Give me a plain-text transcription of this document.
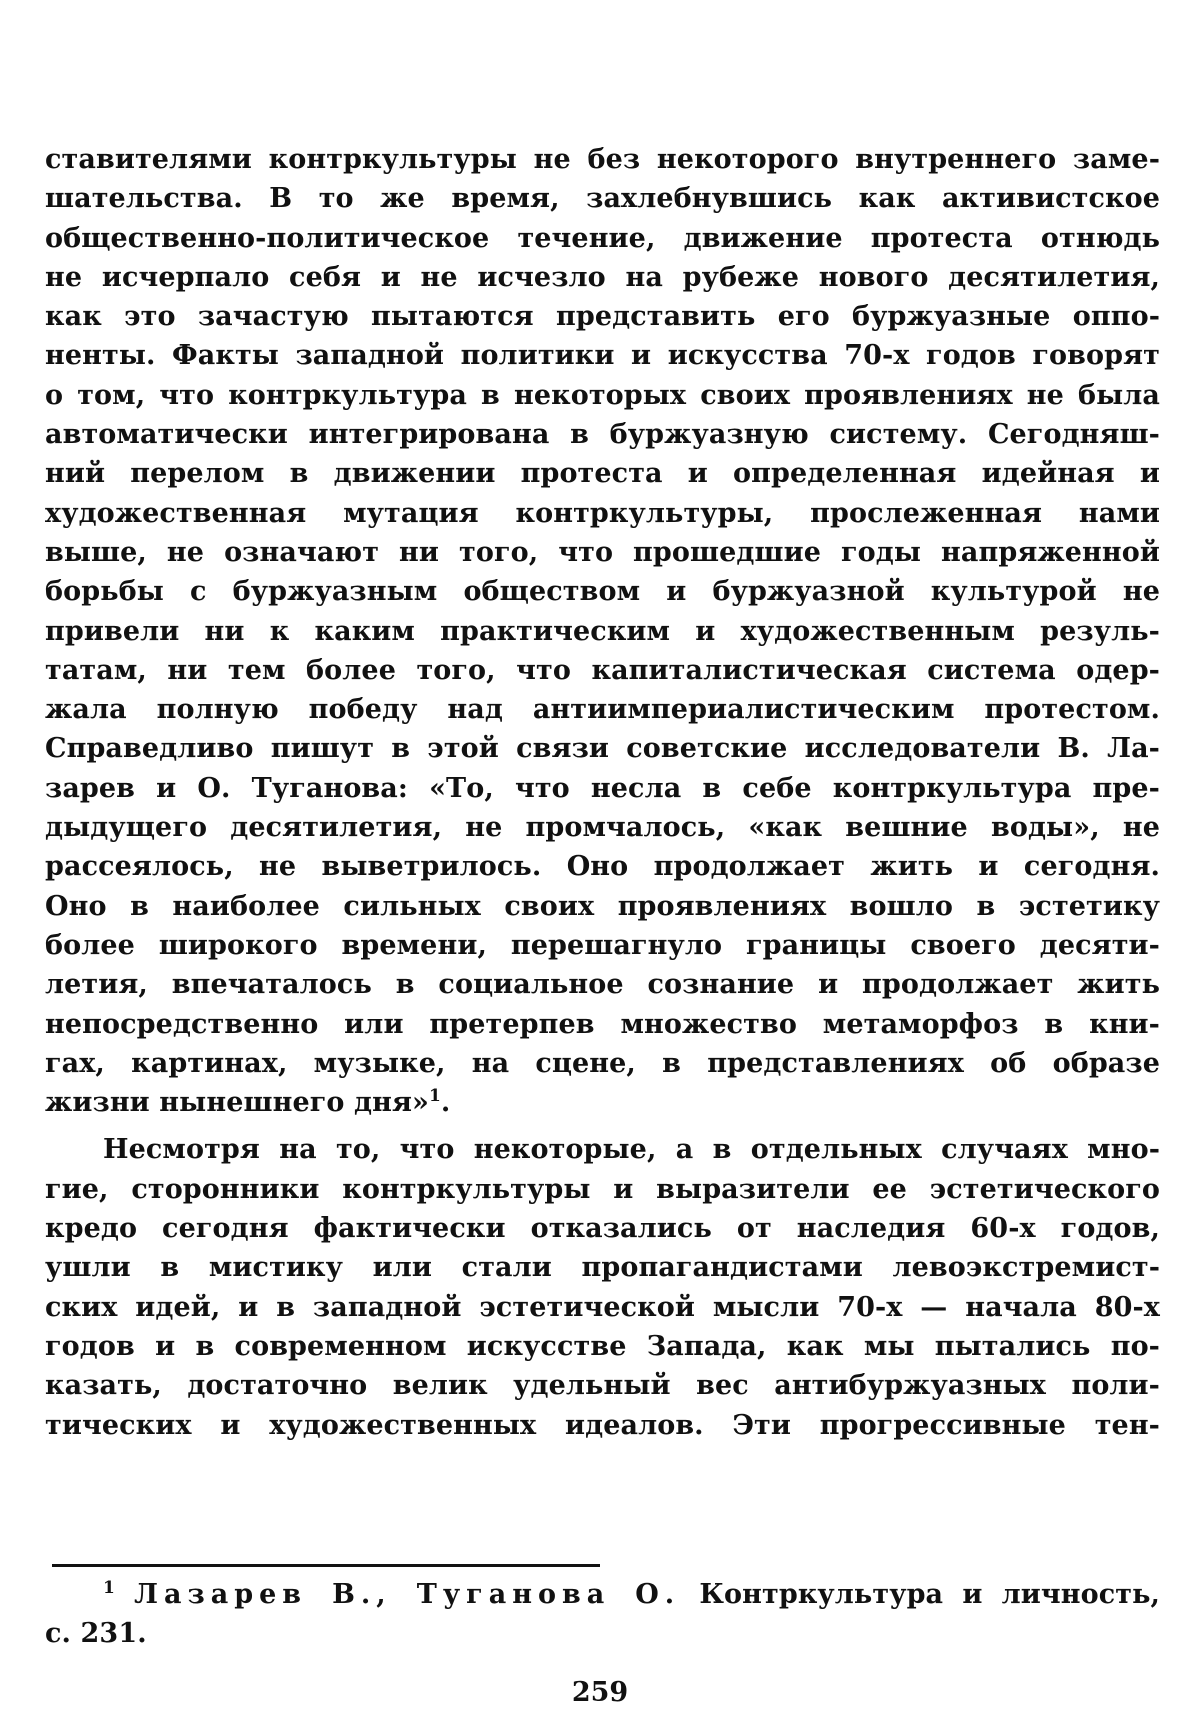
ставителями контркультуры не без некоторого внутреннего заме-
шательства. В то же время, захлебнувшись как активистское
общественно-политическое течение, движение протеста отнюдь
не исчерпало себя и не исчезло на рубеже нового десятилетия,
как это зачастую пытаются представить его буржуазные оппо-
ненты. Факты западной политики и искусства 70-х годов говорят
о том, что контркультура в некоторых своих проявлениях не была
автоматически интегрирована в буржуазную систему. Сегодняш-
ний перелом в движении протеста и определенная идейная и
художественная мутация контркультуры, прослеженная нами
выше, не означают ни того, что прошедшие годы напряженной
борьбы с буржуазным обществом и буржуазной культурой не
привели ни к каким практическим и художественным резуль-
татам, ни тем более того, что капиталистическая система одер-
жала полную победу над антиимпериалистическим протестом.
Справедливо пишут в этой связи советские исследователи В. Ла-
зарев и О. Туганова: «То, что несла в себе контркультура пре-
дыдущего десятилетия, не промчалось, «как вешние воды», не
рассеялось, не выветрилось. Оно продолжает жить и сегодня.
Оно в наиболее сильных своих проявлениях вошло в эстетику
более широкого времени, перешагнуло границы своего десяти-
летия, впечаталось в социальное сознание и продолжает жить
непосредственно или претерпев множество метаморфоз в кни-
гах, картинах, музыке, на сцене, в представлениях об образе
жизни нынешнего дня»$^1$.
Несмотря на то, что некоторые, а в отдельных случаях мно-
гие, сторонники контркультуры и выразители ее эстетического
кредо сегодня фактически отказались от наследия 60-х годов,
ушли в мистику или стали пропагандистами левоэкстремист-
ских идей, и в западной эстетической мысли 70-х — начала 80-х
годов и в современном искусстве Запада, как мы пытались по-
казать, достаточно велик удельный вес антибуржуазных поли-
тических и художественных идеалов. Эти прогрессивные тен-
$^1$ Лазарев В., Туганова О. Контркультура и личность,
с. 231.
259
